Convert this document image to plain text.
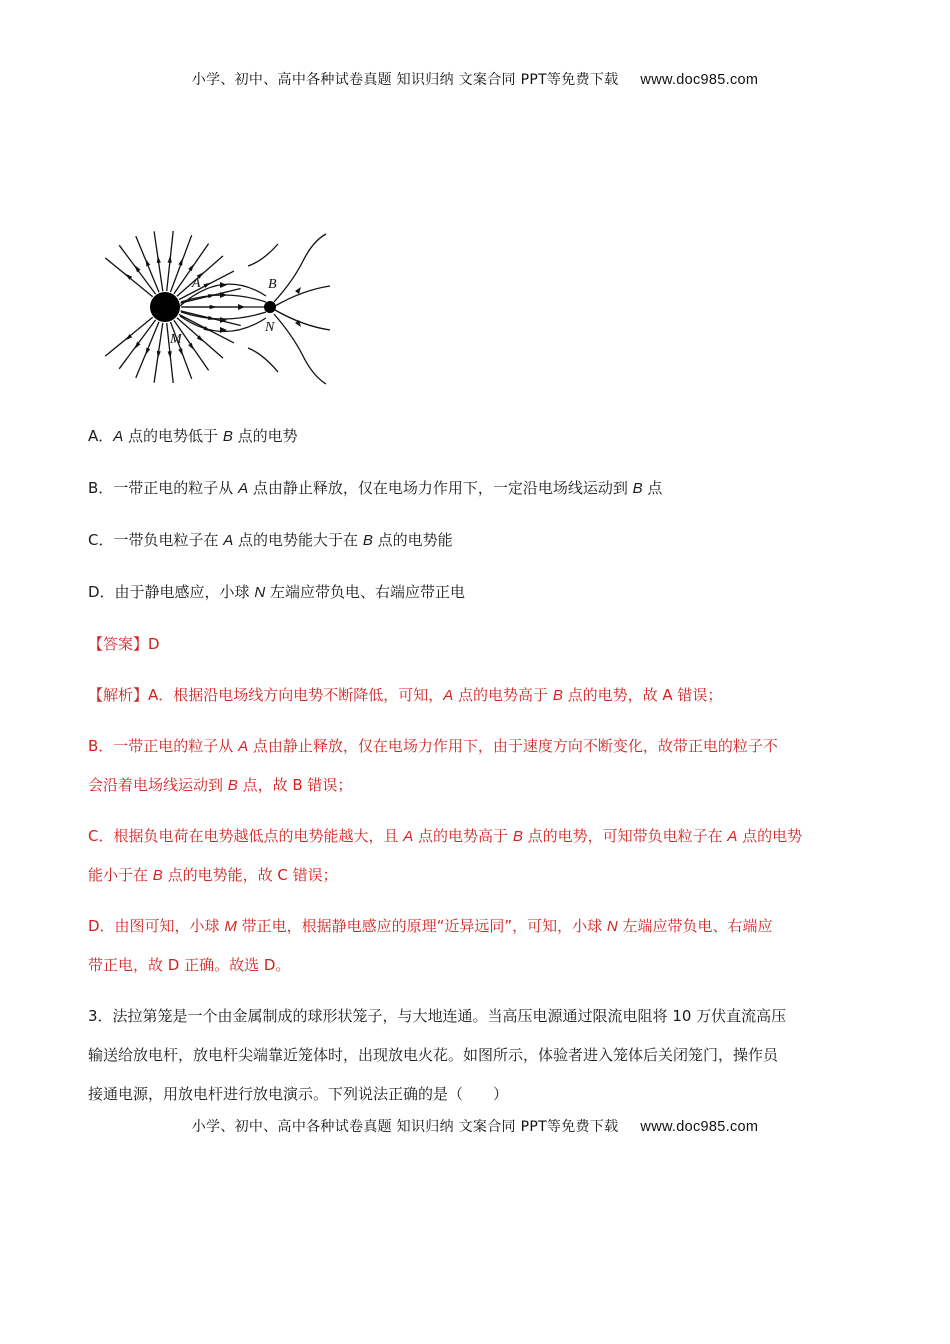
小学、初中、高中各种试卷真题 知识归纳 文案合同 PPT等免费下载 www.doc985.com
A	B
M
N
A．A 点的电势低于 B 点的电势
B．一带正电的粒子从 A 点由静止释放，仅在电场力作用下，一定沿电场线运动到 B 点
C．一带负电粒子在 A 点的电势能大于在 B 点的电势能
D．由于静电感应，小球 N 左端应带负电、右端应带正电
【答案】D
【解析】A．根据沿电场线方向电势不断降低，可知，A 点的电势高于 B 点的电势，故 A 错误；
B．一带正电的粒子从 A 点由静止释放，仅在电场力作用下，由于速度方向不断变化，故带正电的粒子不
会沿着电场线运动到 B 点，故 B 错误；
C．根据负电荷在电势越低点的电势能越大，且 A 点的电势高于 B 点的电势，可知带负电粒子在 A 点的电势
能小于在 B 点的电势能，故 C 错误；
D．由图可知，小球 M 带正电，根据静电感应的原理“近异远同”，可知，小球 N 左端应带负电、右端应
带正电，故 D 正确。故选 D。
3．法拉第笼是一个由金属制成的球形状笼子，与大地连通。当高压电源通过限流电阻将 10 万伏直流高压
输送给放电杆，放电杆尖端靠近笼体时，出现放电火花。如图所示，体验者进入笼体后关闭笼门，操作员
接通电源，用放电杆进行放电演示。下列说法正确的是（　　）
小学、初中、高中各种试卷真题 知识归纳 文案合同 PPT等免费下载 www.doc985.com
